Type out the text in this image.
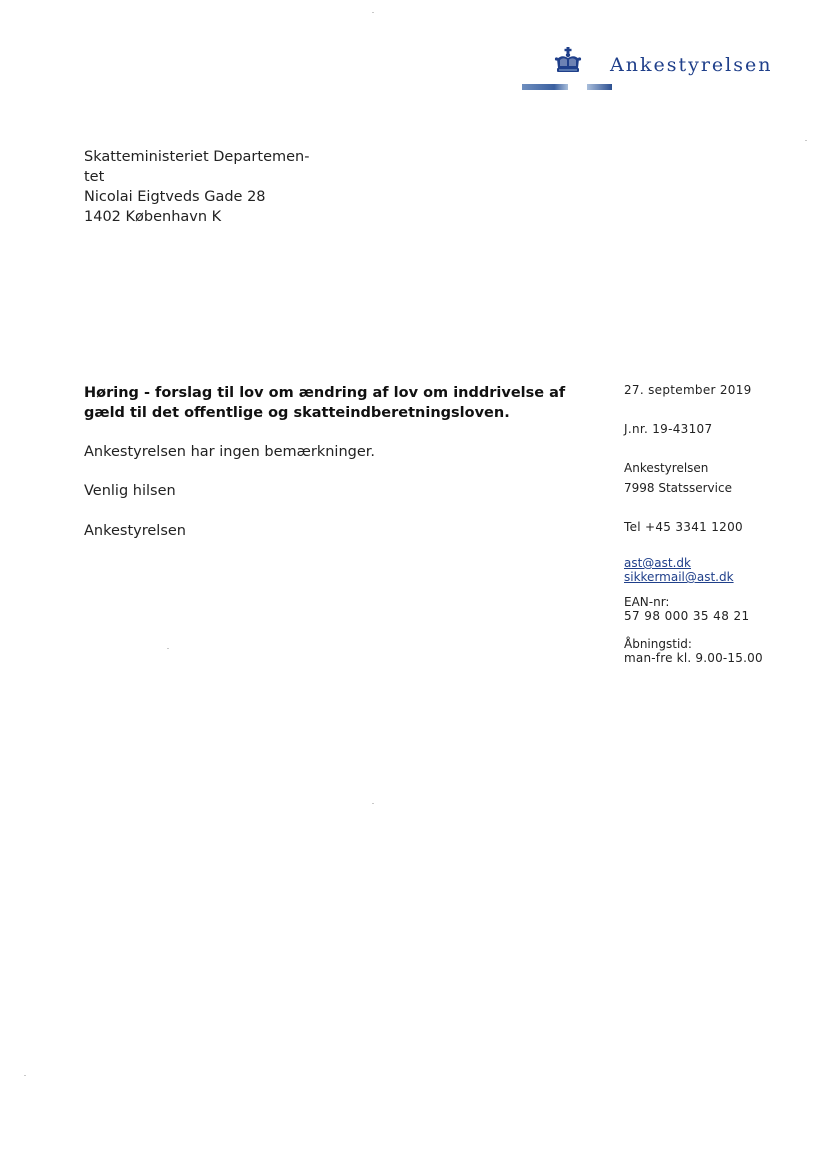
Ankestyrelsen
Skatteministeriet Departemen-
tet
Nicolai Eigtveds Gade 28
1402 København K
Høring - forslag til lov om ændring af lov om inddrivelse af gæld til det offentlige og skatteindberetningsloven.
Ankestyrelsen har ingen bemærkninger.
Venlig hilsen
Ankestyrelsen
27. september 2019
J.nr. 19-43107
Ankestyrelsen
7998 Statsservice
Tel +45 3341 1200
ast@ast.dk
sikkermail@ast.dk
EAN-nr:
57 98 000 35 48 21
Åbningstid:
man-fre kl. 9.00-15.00
